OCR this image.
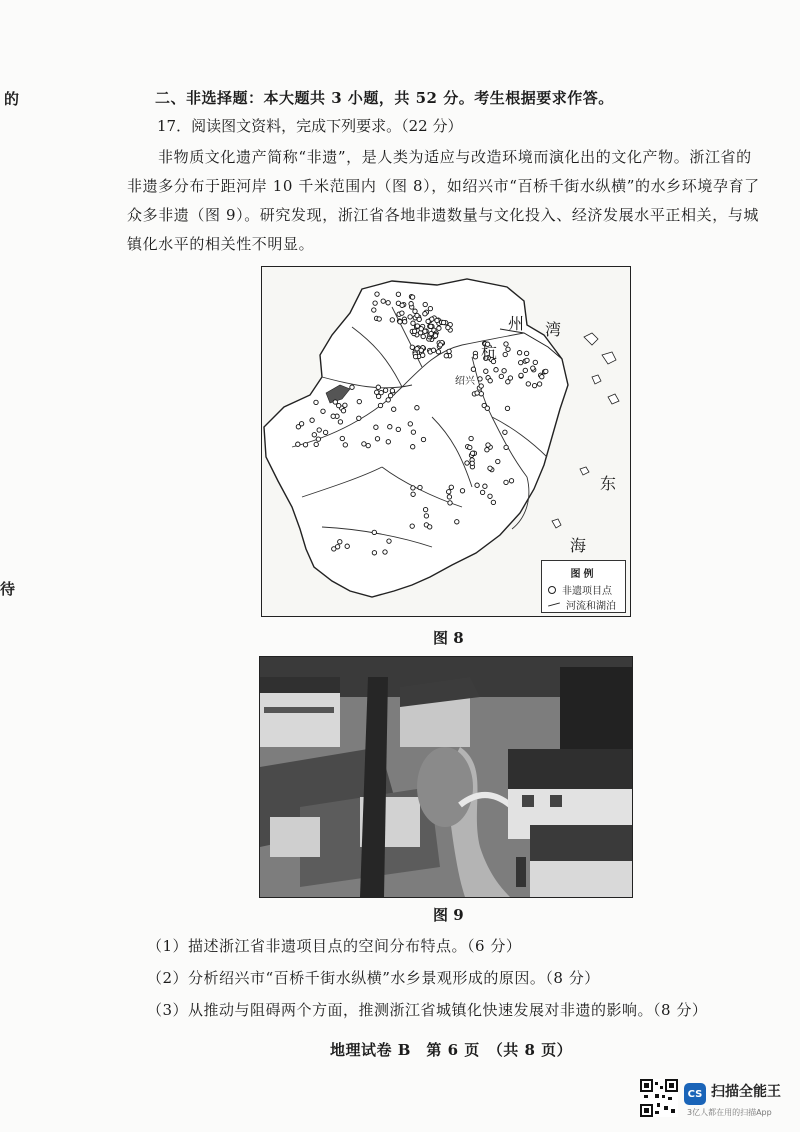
的
待
二、非选择题：本大题共 3 小题，共 52 分。考生根据要求作答。
17．阅读图文资料，完成下列要求。（22 分）
非物质文化遗产简称“非遗”，是人类为适应与改造环境而演化出的文化产物。浙江省的非遗多分布于距河岸 10 千米范围内（图 8），如绍兴市“百桥千街水纵横”的水乡环境孕育了众多非遗（图 9）。研究发现，浙江省各地非遗数量与文化投入、经济发展水平正相关，与城镇化水平的相关性不明显。
州 湾
杭
绍兴
东
海
图例
非遗项目点
河流和湖泊
图 8
图 9
（1）描述浙江省非遗项目点的空间分布特点。（6 分）
（2）分析绍兴市“百桥千街水纵横”水乡景观形成的原因。（8 分）
（3）从推动与阻碍两个方面，推测浙江省城镇化快速发展对非遗的影响。（8 分）
地理试卷 B　第 6 页　（共 8 页）
CS 扫描全能王
3亿人都在用的扫描App
